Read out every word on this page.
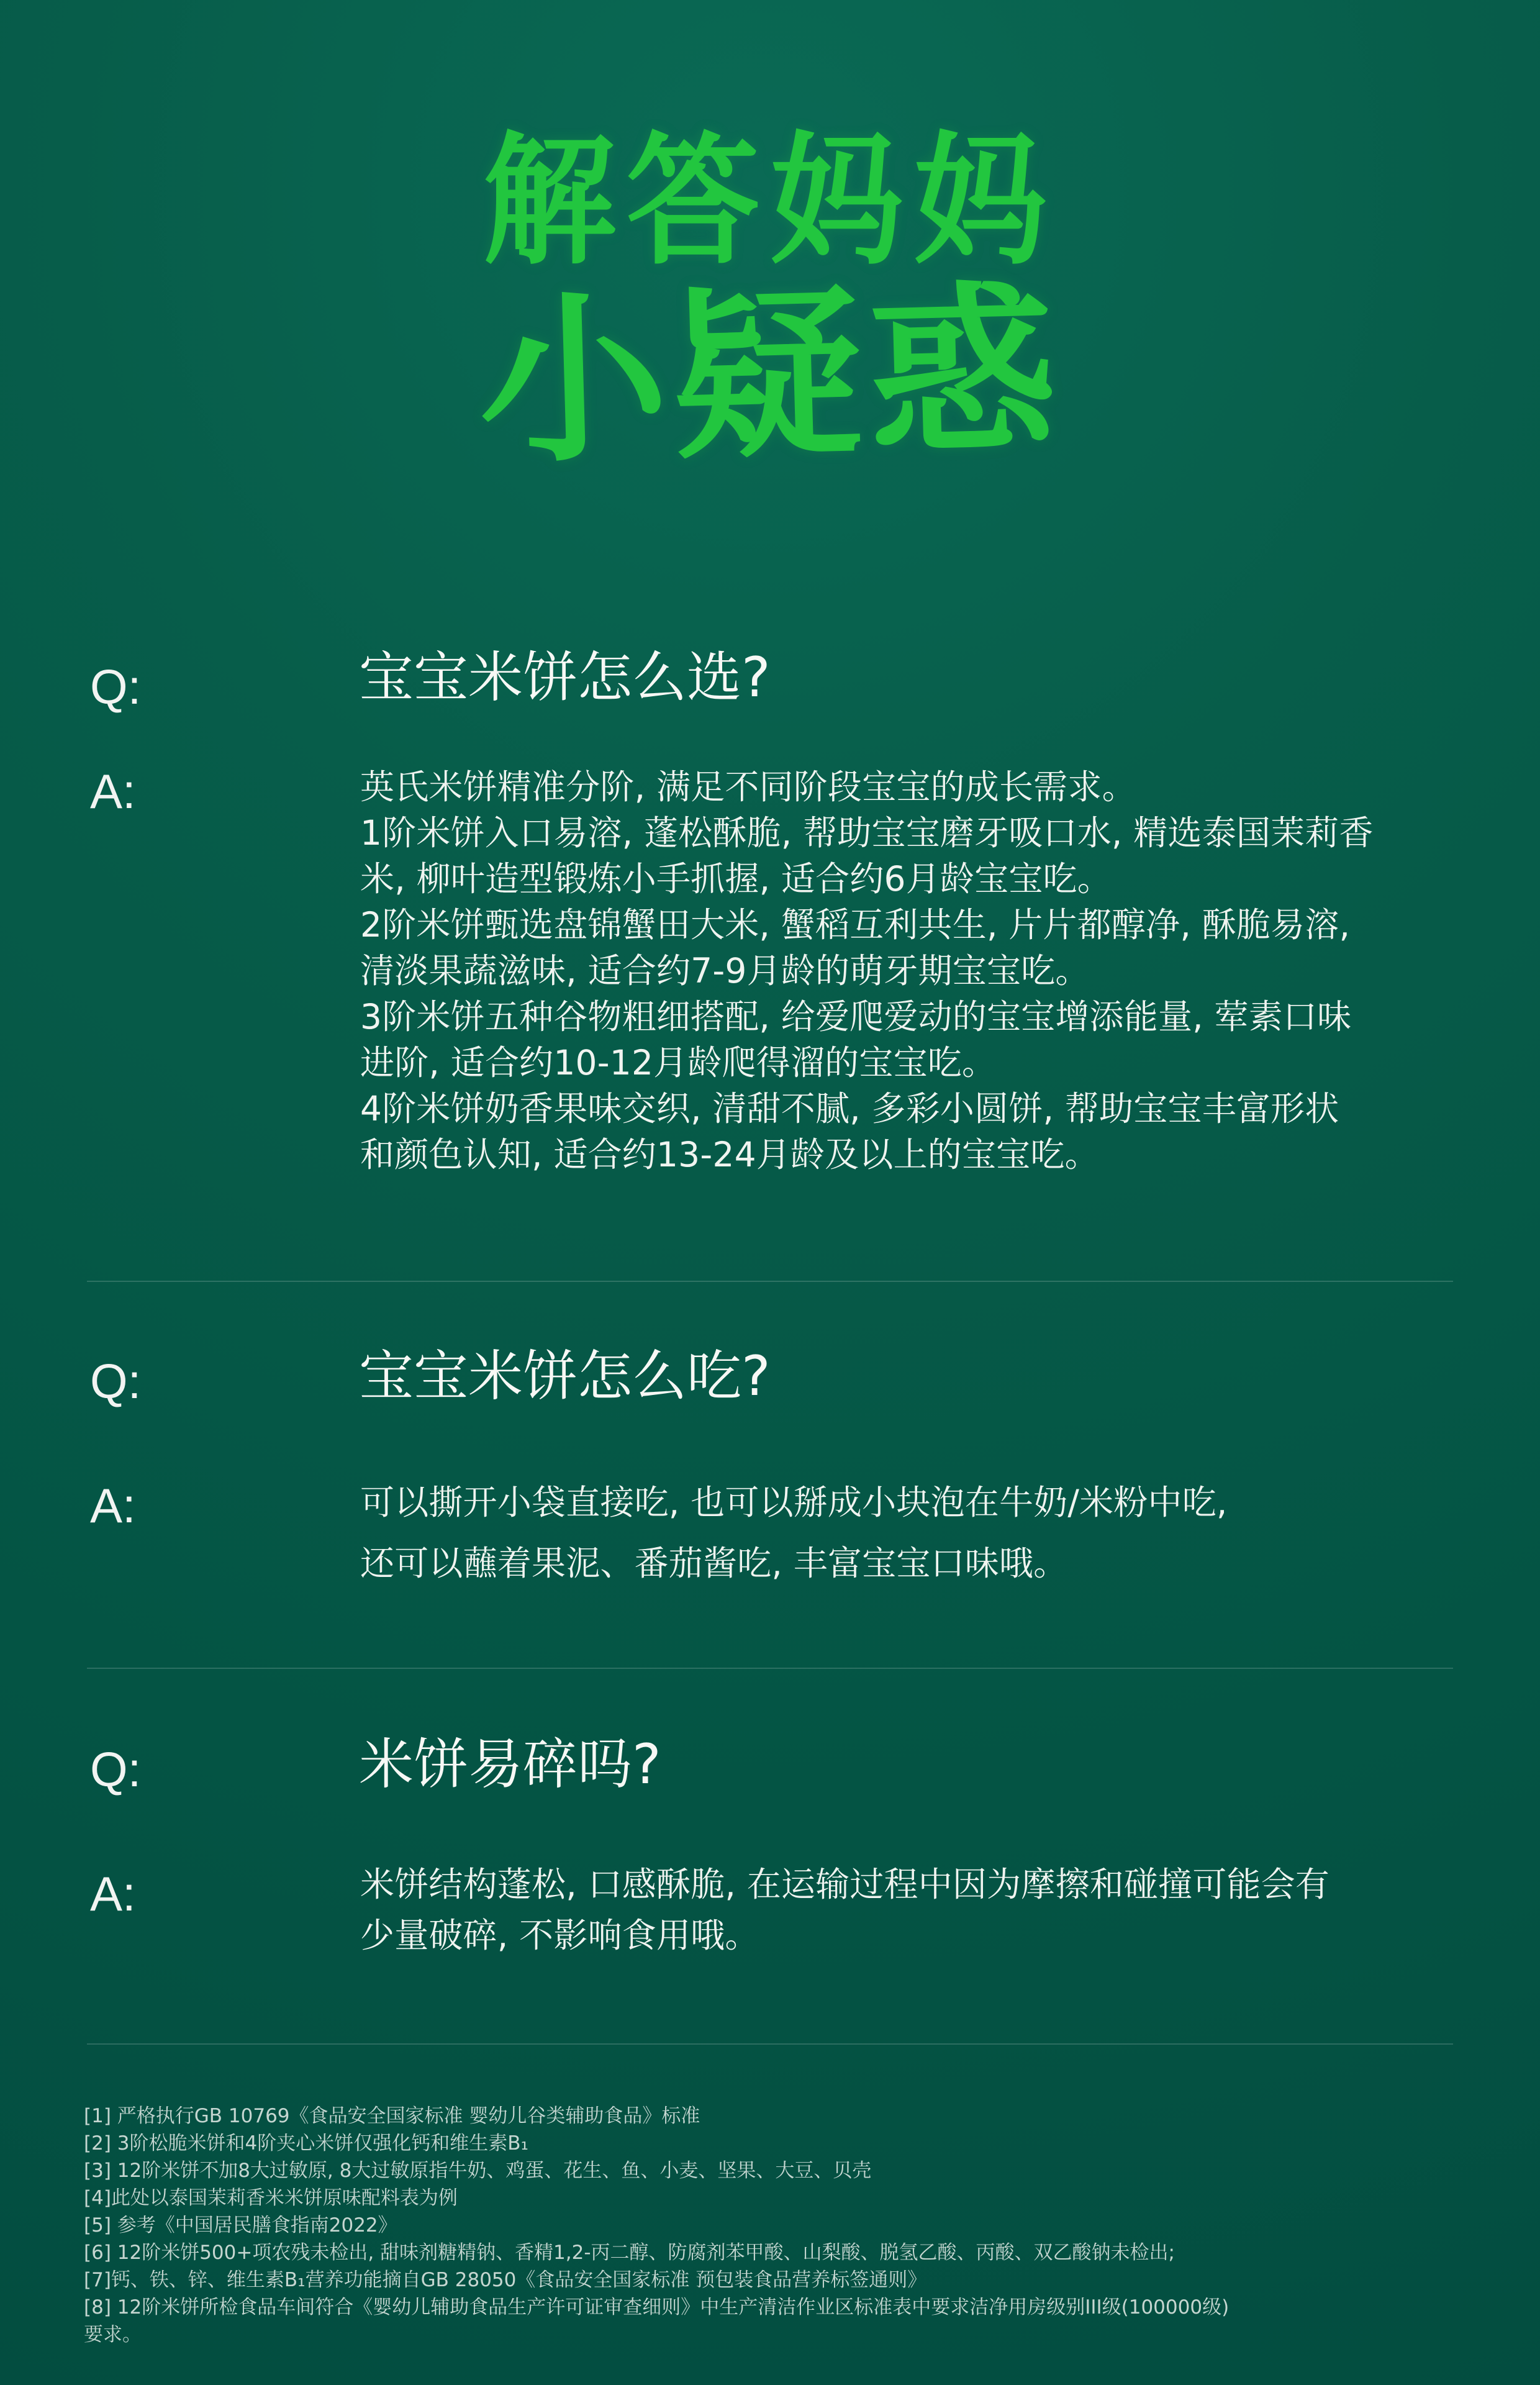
解答妈妈
小疑惑
Q:	宝宝米饼怎么选?
A:	英氏米饼精准分阶, 满足不同阶段宝宝的成长需求。
1阶米饼入口易溶, 蓬松酥脆, 帮助宝宝磨牙吸口水, 精选泰国茉莉香
米, 柳叶造型锻炼小手抓握, 适合约6月龄宝宝吃。
2阶米饼甄选盘锦蟹田大米, 蟹稻互利共生, 片片都醇净, 酥脆易溶,
清淡果蔬滋味, 适合约7-9月龄的萌牙期宝宝吃。
3阶米饼五种谷物粗细搭配, 给爱爬爱动的宝宝增添能量, 荤素口味
进阶, 适合约10-12月龄爬得溜的宝宝吃。
4阶米饼奶香果味交织, 清甜不腻, 多彩小圆饼, 帮助宝宝丰富形状
和颜色认知, 适合约13-24月龄及以上的宝宝吃。
Q:	宝宝米饼怎么吃?
A:	可以撕开小袋直接吃, 也可以掰成小块泡在牛奶/米粉中吃,
还可以蘸着果泥、番茄酱吃, 丰富宝宝口味哦。
Q:	米饼易碎吗?
A:	米饼结构蓬松, 口感酥脆, 在运输过程中因为摩擦和碰撞可能会有
少量破碎, 不影响食用哦。
[1] 严格执行GB 10769《食品安全国家标准 婴幼儿谷类辅助食品》标准
[2] 3阶松脆米饼和4阶夹心米饼仅强化钙和维生素B₁
[3] 12阶米饼不加8大过敏原, 8大过敏原指牛奶、鸡蛋、花生、鱼、小麦、坚果、大豆、贝壳
[4]此处以泰国茉莉香米米饼原味配料表为例
[5] 参考《中国居民膳食指南2022》
[6] 12阶米饼500+项农残未检出, 甜味剂糖精钠、香精1,2-丙二醇、防腐剂苯甲酸、山梨酸、脱氢乙酸、丙酸、双乙酸钠未检出;
[7]钙、铁、锌、维生素B₁营养功能摘自GB 28050《食品安全国家标准 预包装食品营养标签通则》
[8] 12阶米饼所检食品车间符合《婴幼儿辅助食品生产许可证审查细则》中生产清洁作业区标准表中要求洁净用房级别III级(100000级)
要求。
